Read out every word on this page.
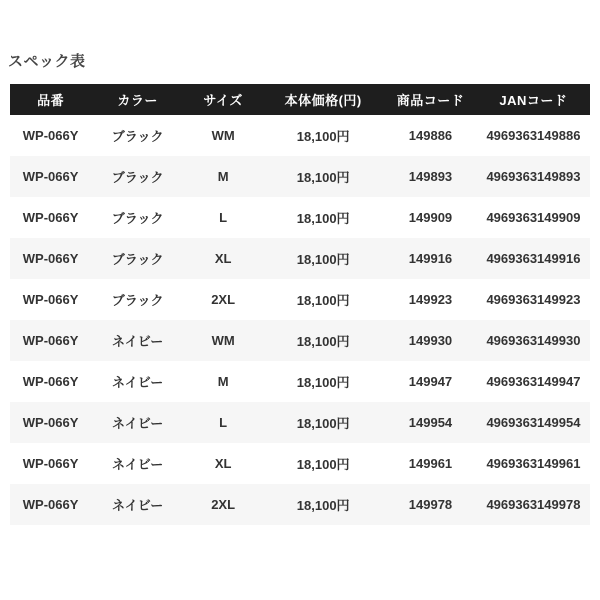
スペック表
品番	カラー	サイズ	本体価格(円)	商品コード	JANコード
WP-066Y	ブラック	WM	18,100円	149886	4969363149886
WP-066Y	ブラック	M	18,100円	149893	4969363149893
WP-066Y	ブラック	L	18,100円	149909	4969363149909
WP-066Y	ブラック	XL	18,100円	149916	4969363149916
WP-066Y	ブラック	2XL	18,100円	149923	4969363149923
WP-066Y	ネイビー	WM	18,100円	149930	4969363149930
WP-066Y	ネイビー	M	18,100円	149947	4969363149947
WP-066Y	ネイビー	L	18,100円	149954	4969363149954
WP-066Y	ネイビー	XL	18,100円	149961	4969363149961
WP-066Y	ネイビー	2XL	18,100円	149978	4969363149978
